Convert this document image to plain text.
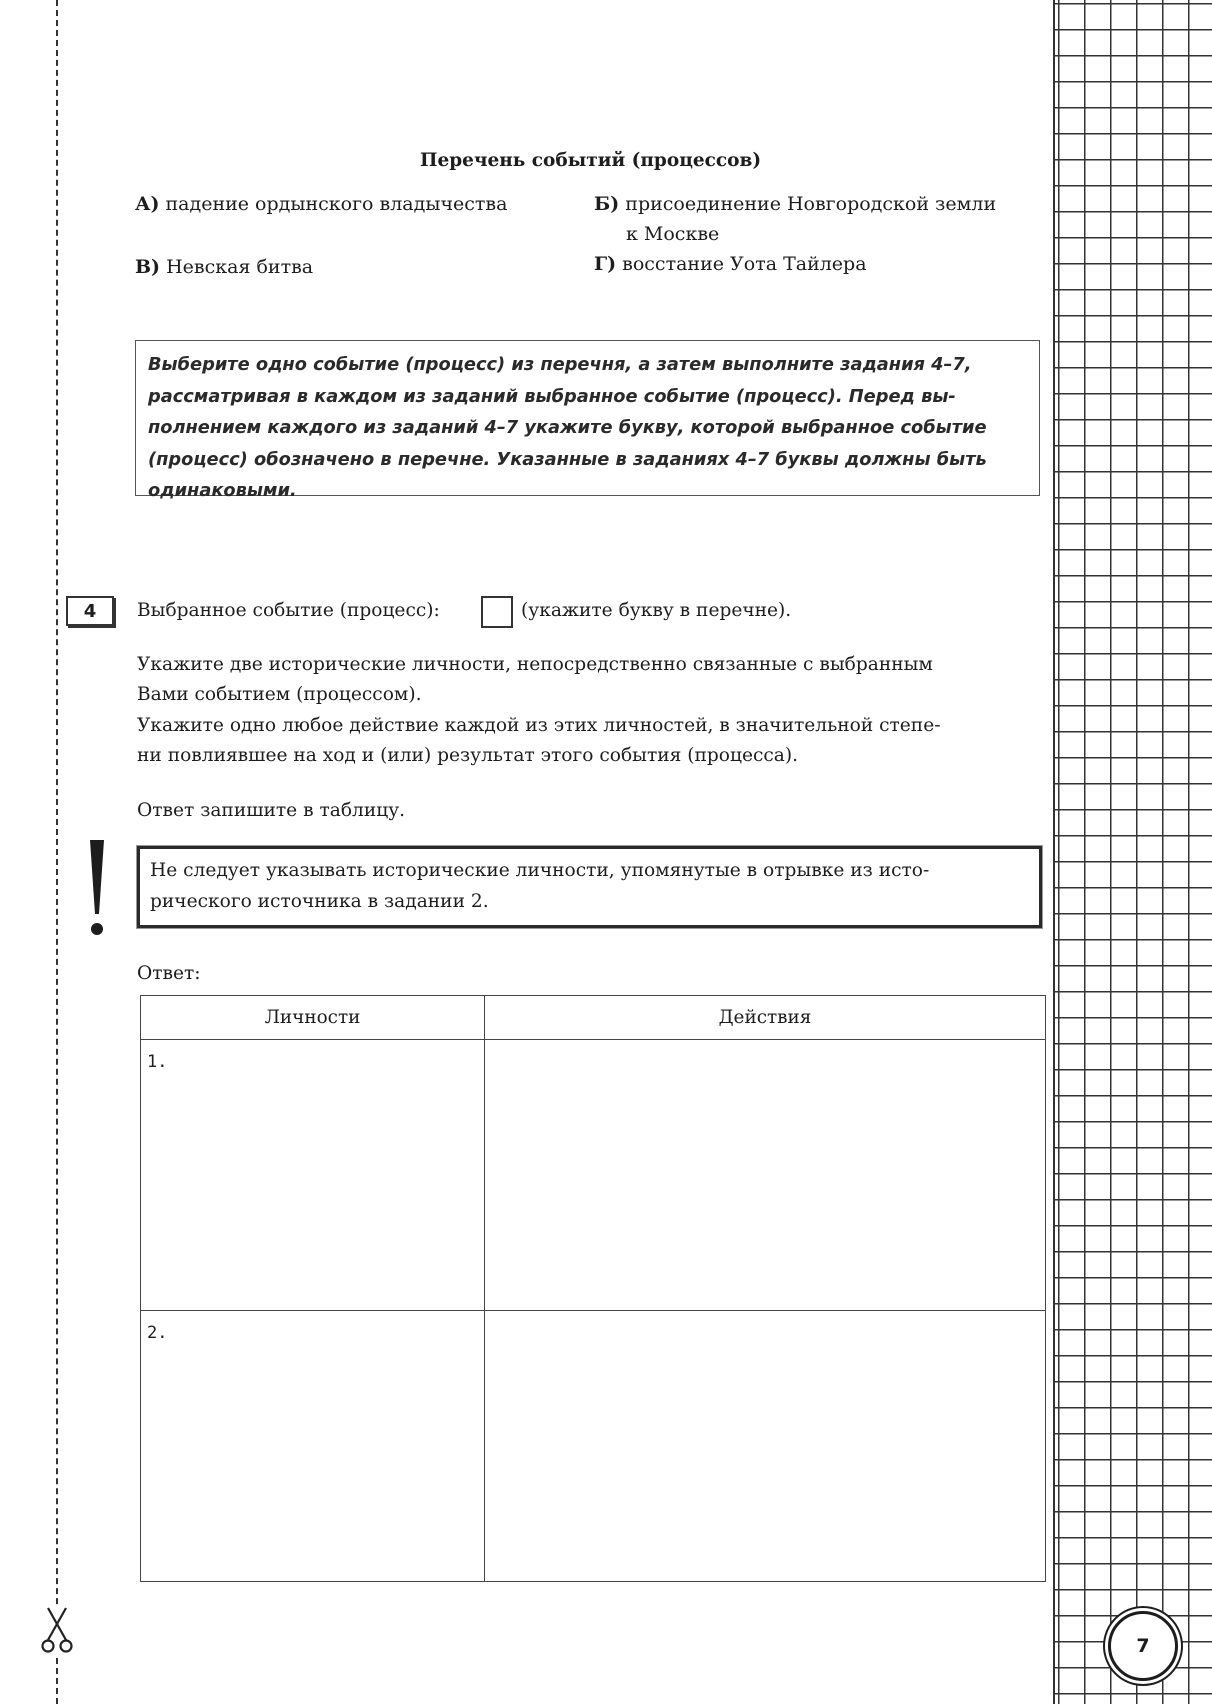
7
Перечень событий (процессов)
А) падение ордынского владычества	Б) присоединение Новгородской земли
к Москве
В) Невская битва	Г) восстание Уота Тайлера
Выберите одно событие (процесс) из перечня, а затем выполните задания 4–7,
рассматривая в каждом из заданий выбранное событие (процесс). Перед вы-
полнением каждого из заданий 4–7 укажите букву, которой выбранное событие
(процесс) обозначено в перечне. Указанные в заданиях 4–7 буквы должны быть
одинаковыми.
4	Выбранное событие (процесс):	(укажите букву в перечне).
Укажите две исторические личности, непосредственно связанные с выбранным
Вами событием (процессом).
Укажите одно любое действие каждой из этих личностей, в значительной степе-
ни повлиявшее на ход и (или) результат этого события (процесса).
Ответ запишите в таблицу.
Не следует указывать исторические личности, упомянутые в отрывке из исто-
рического источника в задании 2.
Ответ:
Личности	Действия
1.	
2.	
